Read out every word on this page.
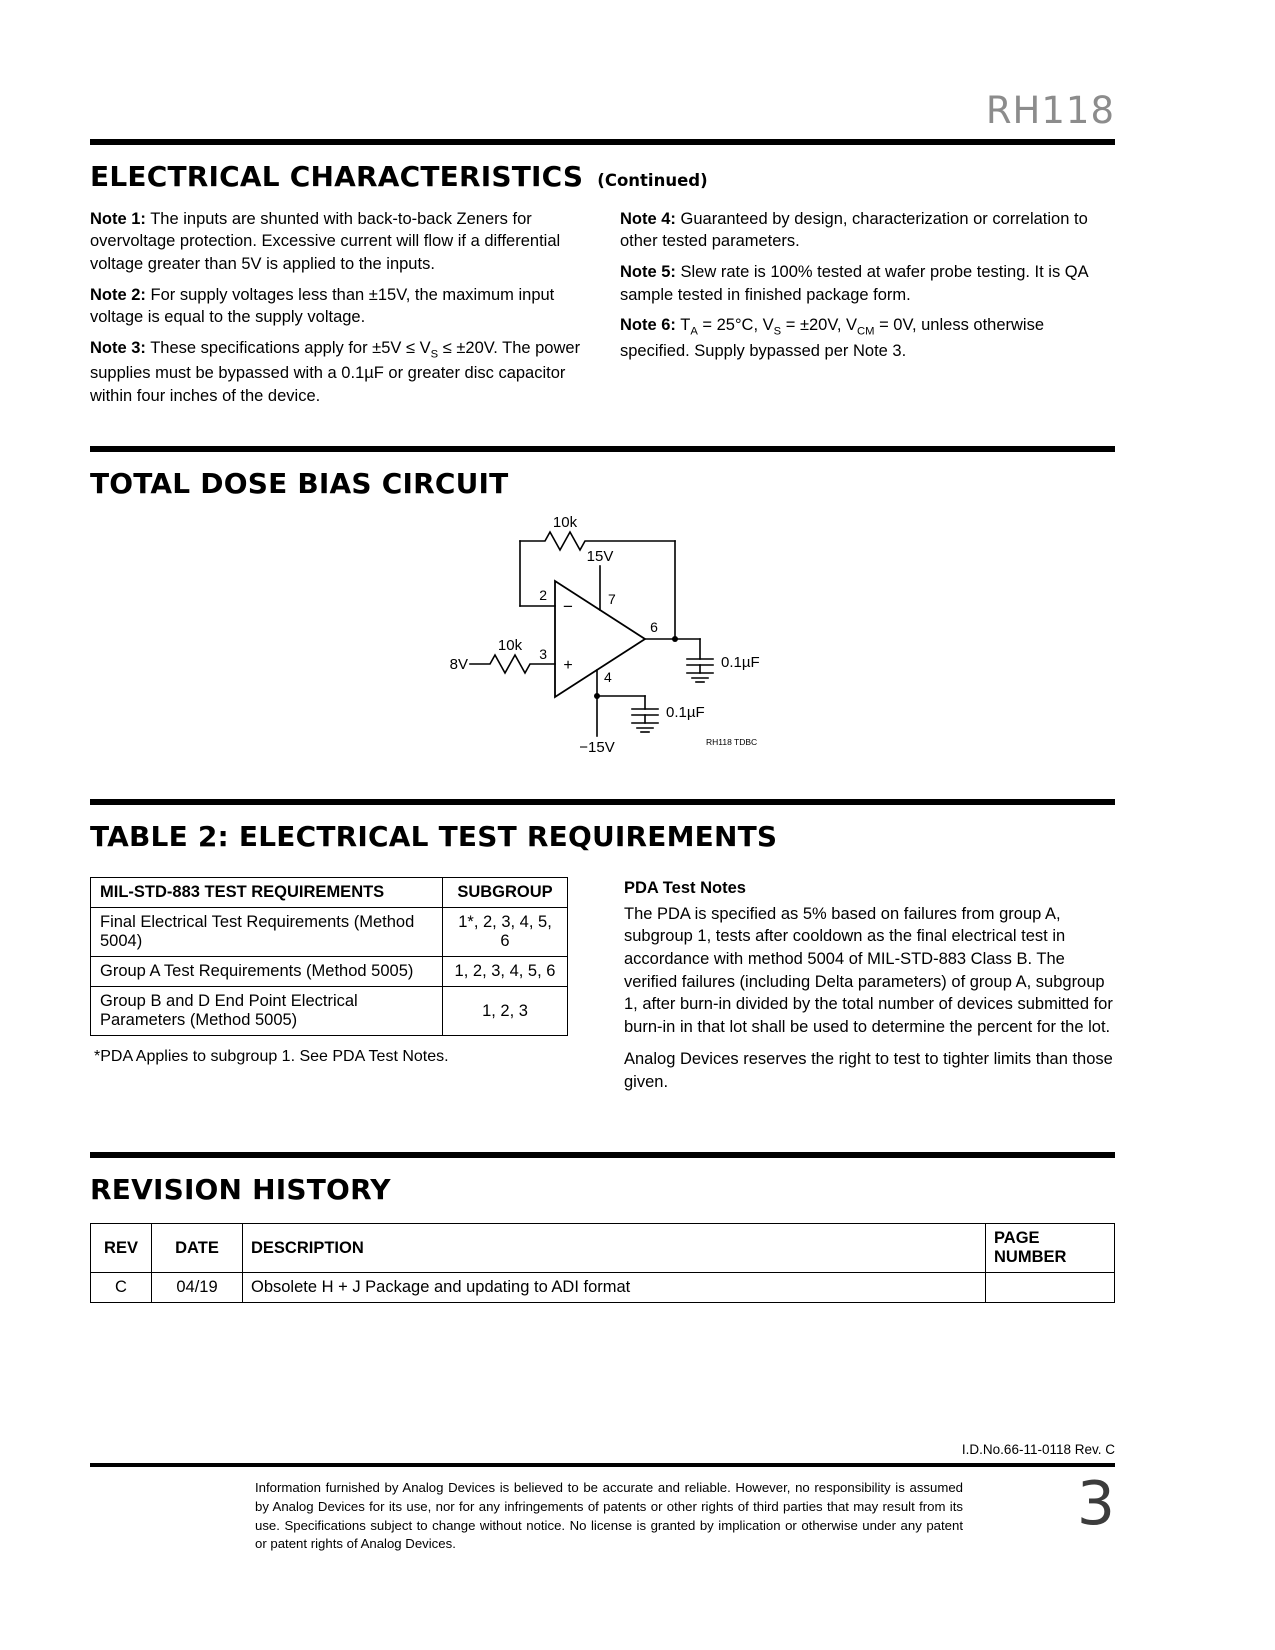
RH118
ELECTRICAL CHARACTERISTICS (Continued)

Note 1: The inputs are shunted with back-to-back Zeners for overvoltage protection. Excessive current will flow if a differential voltage greater than 5V is applied to the inputs.

Note 2: For supply voltages less than ±15V, the maximum input voltage is equal to the supply voltage.

Note 3: These specifications apply for $\pm 5V \le V_S \le \pm 20V$. The power supplies must be bypassed with a 0.1µF or greater disc capacitor within four inches of the device.

Note 4: Guaranteed by design, characterization or correlation to other tested parameters.

Note 5: Slew rate is 100% tested at wafer probe testing. It is QA sample tested in finished package form.

Note 6: $T_A = 25^\circ C$, $V_S = \pm 20V$, $V_{CM} = 0V$, unless otherwise specified. Supply bypassed per Note 3.

TOTAL DOSE BIAS CIRCUIT
10k
15V
2
3
7
−
+
6
4
0.1µF
8V
10k
0.1µF
−15V	RH118 TDBC
TABLE 2: ELECTRICAL TEST REQUIREMENTS
MIL-STD-883 TEST REQUIREMENTS	SUBGROUP
Final Electrical Test Requirements (Method 5004)	1*, 2, 3, 4, 5, 6
Group A Test Requirements (Method 5005)	1, 2, 3, 4, 5, 6
Group B and D End Point Electrical Parameters (Method 5005)	1, 2, 3
*PDA Applies to subgroup 1. See PDA Test Notes.
PDA Test Notes

The PDA is specified as 5% based on failures from group A, subgroup 1, tests after cooldown as the final electrical test in accordance with method 5004 of MIL-STD-883 Class B. The verified failures (including Delta parameters) of group A, subgroup 1, after burn-in divided by the total number of devices submitted for burn-in in that lot shall be used to determine the percent for the lot.

Analog Devices reserves the right to test to tighter limits than those given.

REVISION HISTORY
REV	DATE	DESCRIPTION	PAGE NUMBER
C	04/19	Obsolete H + J Package and updating to ADI format	
I.D.No.66-11-0118 Rev. C
Information furnished by Analog Devices is believed to be accurate and reliable. However, no responsibility is assumed by Analog Devices for its use, nor for any infringements of patents or other rights of third parties that may result from its use. Specifications subject to change without notice. No license is granted by implication or otherwise under any patent or patent rights of Analog Devices.
3
